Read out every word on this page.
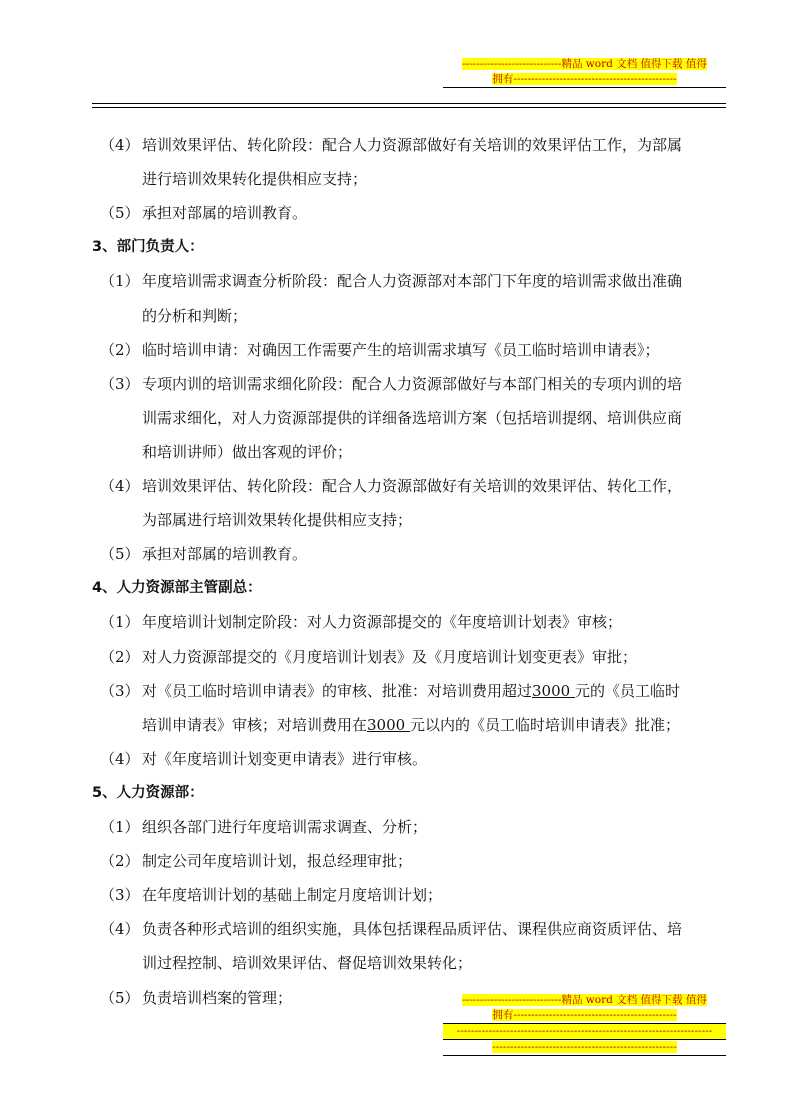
----------------------------精品 word 文档 值得下载 值得
拥有----------------------------------------------
（4） 培训效果评估、转化阶段：配合人力资源部做好有关培训的效果评估工作，为部属
进行培训效果转化提供相应支持；
（5） 承担对部属的培训教育。
3、部门负责人：
（1） 年度培训需求调查分析阶段：配合人力资源部对本部门下年度的培训需求做出准确
的分析和判断；
（2） 临时培训申请：对确因工作需要产生的培训需求填写《员工临时培训申请表》；
（3） 专项内训的培训需求细化阶段：配合人力资源部做好与本部门相关的专项内训的培
训需求细化，对人力资源部提供的详细备选培训方案（包括培训提纲、培训供应商
和培训讲师）做出客观的评价；
（4） 培训效果评估、转化阶段：配合人力资源部做好有关培训的效果评估、转化工作，
为部属进行培训效果转化提供相应支持；
（5） 承担对部属的培训教育。
4、人力资源部主管副总：
（1） 年度培训计划制定阶段：对人力资源部提交的《年度培训计划表》审核；
（2） 对人力资源部提交的《月度培训计划表》及《月度培训计划变更表》审批；
（3） 对《员工临时培训申请表》的审核、批准：对培训费用超过3000 元的《员工临时
培训申请表》审核；对培训费用在3000 元以内的《员工临时培训申请表》批准；
（4） 对《年度培训计划变更申请表》进行审核。
5、人力资源部：
（1） 组织各部门进行年度培训需求调查、分析；
（2） 制定公司年度培训计划，报总经理审批；
（3） 在年度培训计划的基础上制定月度培训计划；
（4） 负责各种形式培训的组织实施，具体包括课程品质评估、课程供应商资质评估、培
训过程控制、培训效果评估、督促培训效果转化；
（5） 负责培训档案的管理；	----------------------------精品 word 文档 值得下载 值得
拥有----------------------------------------------
------------------------------------------------------------------------
----------------------------------------------------
